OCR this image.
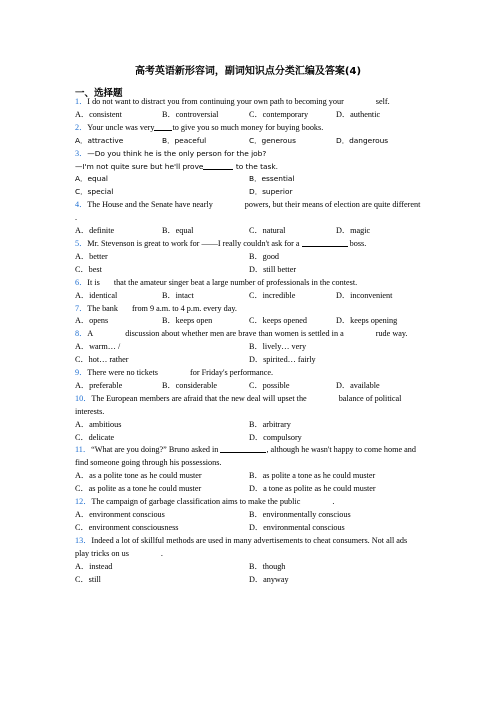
高考英语新形容词，副词知识点分类汇编及答案(4)
一、选择题

1．I do not want to distract you from continuing your own path to becoming your	self.

A．consistent	B．controversial	C．contemporary	D．authentic

2．Your uncle was very to give you so much money for buying books.

A．attractive	B．peaceful	C．generous	D．dangerous

3．—Do you think he is the only person for the job?

—I'm not quite sure but he'll prove	to the task.

A．equal	B．essential
C．special	D．superior

4．The House and the Senate have nearly	powers, but their means of election are quite different .

A．definite	B．equal	C．natural	D．magic

5．Mr. Stevenson is great to work for ——I really couldn't ask for a	boss.

A．better	B．good
C．best	D．still better

6．It is that the amateur singer beat a large number of professionals in the contest.

A．identical	B．intact	C．incredible	D．inconvenient

7．The bank from 9 a.m. to 4 p.m. every day.

A．opens	B．keeps open	C．keeps opened	D．keeps opening

8．A	discussion about whether men are brave than women is settled in a	rude way.

A．warm… /	B．lively… very
C．hot… rather	D．spirited… fairly

9．There were no tickets	for Friday's performance.

A．preferable	B．considerable	C．possible	D．available

10．The European members are afraid that the new deal will upset the	balance of political interests.

A．ambitious	B．arbitrary
C．delicate	D．compulsory

11．“What are you doing?” Bruno asked in	, although he wasn't happy to come home and find someone going through his possessions.

A．as a polite tone as he could muster	B．as polite a tone as he could muster
C．as polite as a tone he could muster	D．a tone as polite as he could muster

12．The campaign of garbage classification aims to make the public	.

A．environment conscious	B．environmentally conscious
C．environment consciousness	D．environmental conscious

13．Indeed a lot of skillful methods are used in many advertisements to cheat consumers. Not all ads play tricks on us	.

A．instead	B．though
C．still	D．anyway
